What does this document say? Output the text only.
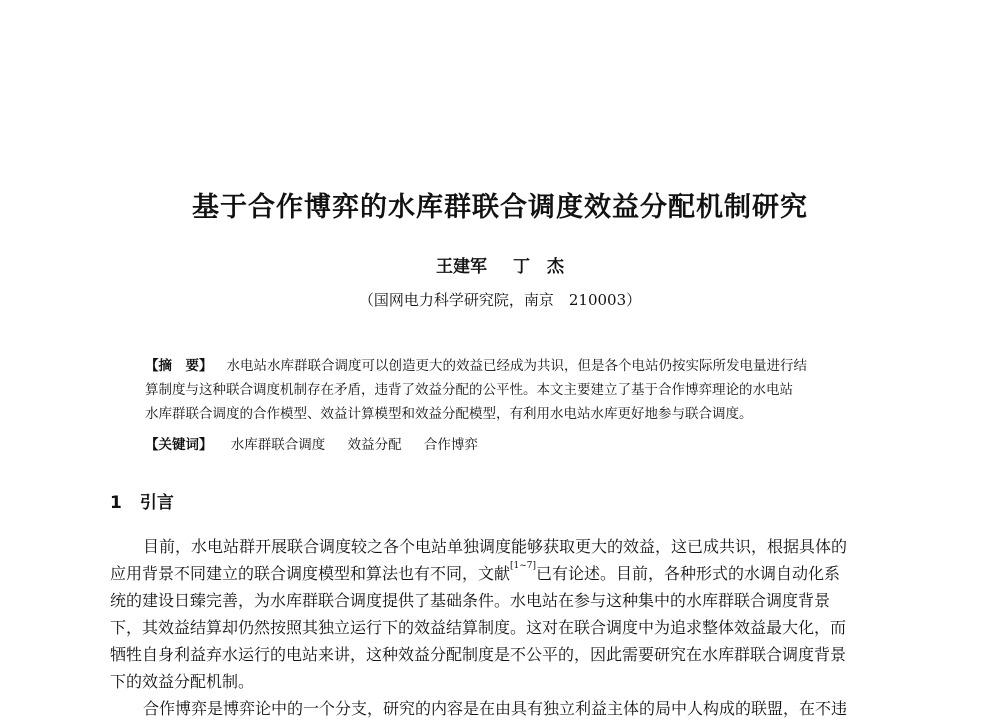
基于合作博弈的水库群联合调度效益分配机制研究
王建军 丁　杰
（国网电力科学研究院，南京　210003）
【摘　要】 水电站水库群联合调度可以创造更大的效益已经成为共识，但是各个电站仍按实际所发电量进行结
算制度与这种联合调度机制存在矛盾，违背了效益分配的公平性。本文主要建立了基于合作博弈理论的水电站
水库群联合调度的合作模型、效益计算模型和效益分配模型，有利用水电站水库更好地参与联合调度。
【关键词】 水库群联合调度 效益分配 合作博弈
1 引言
目前，水电站群开展联合调度较之各个电站单独调度能够获取更大的效益，这已成共识，根据具体的
应用背景不同建立的联合调度模型和算法也有不同，文献[1~7]已有论述。目前，各种形式的水调自动化系
统的建设日臻完善，为水库群联合调度提供了基础条件。水电站在参与这种集中的水库群联合调度背景
下，其效益结算却仍然按照其独立运行下的效益结算制度。这对在联合调度中为追求整体效益最大化，而
牺牲自身利益弃水运行的电站来讲，这种效益分配制度是不公平的，因此需要研究在水库群联合调度背景
下的效益分配机制。
合作博弈是博弈论中的一个分支，研究的内容是在由具有独立利益主体的局中人构成的联盟，在不违
